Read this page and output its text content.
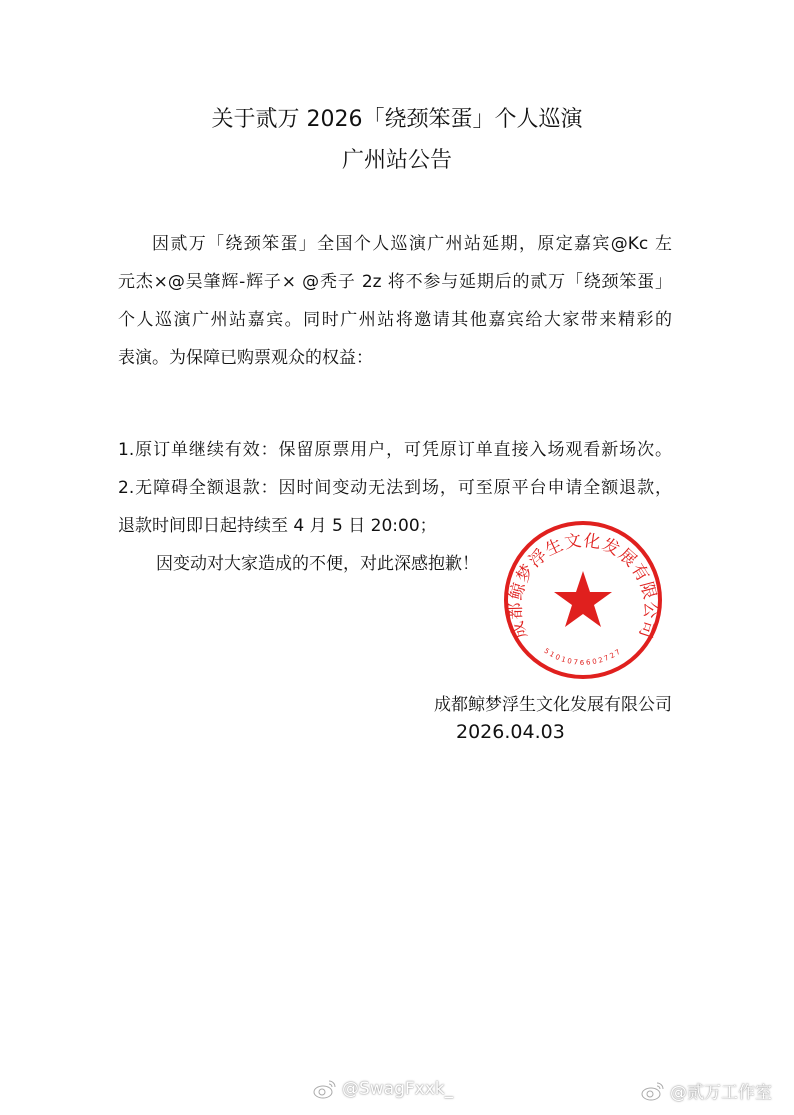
关于贰万 2026「绕颈笨蛋」个人巡演
广州站公告
因贰万「绕颈笨蛋」全国个人巡演广州站延期，原定嘉宾@Kc 左
元杰×@吴肇辉-辉子× @秃子 2z 将不参与延期后的贰万「绕颈笨蛋」
个人巡演广州站嘉宾。同时广州站将邀请其他嘉宾给大家带来精彩的
表演。为保障已购票观众的权益：
1.原订单继续有效：保留原票用户，可凭原订单直接入场观看新场次。
2.无障碍全额退款：因时间变动无法到场，可至原平台申请全额退款，
退款时间即日起持续至 4 月 5 日 20:00；
因变动对大家造成的不便，对此深感抱歉！
成都鲸梦浮生文化发展有限公司
2026.04.03
成都鲸梦浮生文化发展有限公司
5101076602727
@SwagFxxk_	@贰万工作室
